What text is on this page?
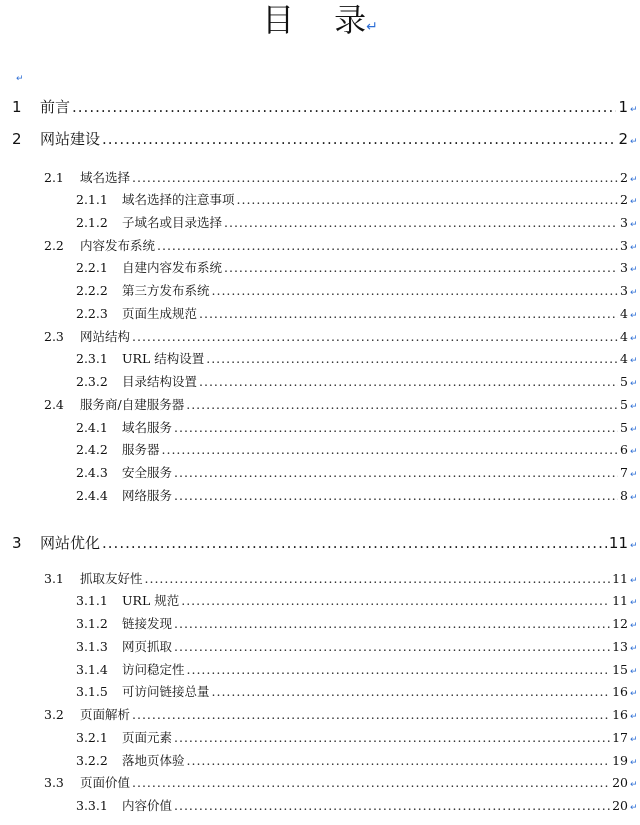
目 录↵
↵
1	前言 .....	1 ↵
2	网站建设 .....	2 ↵
2.1	域名选择 .....	2 ↵
2.1.1	域名选择的注意事项 .....	2 ↵
2.1.2	子域名或目录选择 .....	3 ↵
2.2	内容发布系统 .....	3 ↵
2.2.1	自建内容发布系统 .....	3 ↵
2.2.2	第三方发布系统 .....	3 ↵
2.2.3	页面生成规范 .....	4 ↵
2.3	网站结构 .....	4 ↵
2.3.1	URL 结构设置 .....	4 ↵
2.3.2	目录结构设置 .....	5 ↵
2.4	服务商/自建服务器 .....	5 ↵
2.4.1	域名服务 .....	5 ↵
2.4.2	服务器 .....	6 ↵
2.4.3	安全服务 .....	7 ↵
2.4.4	网络服务 .....	8 ↵
3	网站优化 .....	11 ↵
3.1	抓取友好性 .....	11 ↵
3.1.1	URL 规范 .....	11 ↵
3.1.2	链接发现 .....	12 ↵
3.1.3	网页抓取 .....	13 ↵
3.1.4	访问稳定性 .....	15 ↵
3.1.5	可访问链接总量 .....	16 ↵
3.2	页面解析 .....	16 ↵
3.2.1	页面元素 .....	17 ↵
3.2.2	落地页体验 .....	19 ↵
3.3	页面价值 .....	20 ↵
3.3.1	内容价值 .....	20 ↵
